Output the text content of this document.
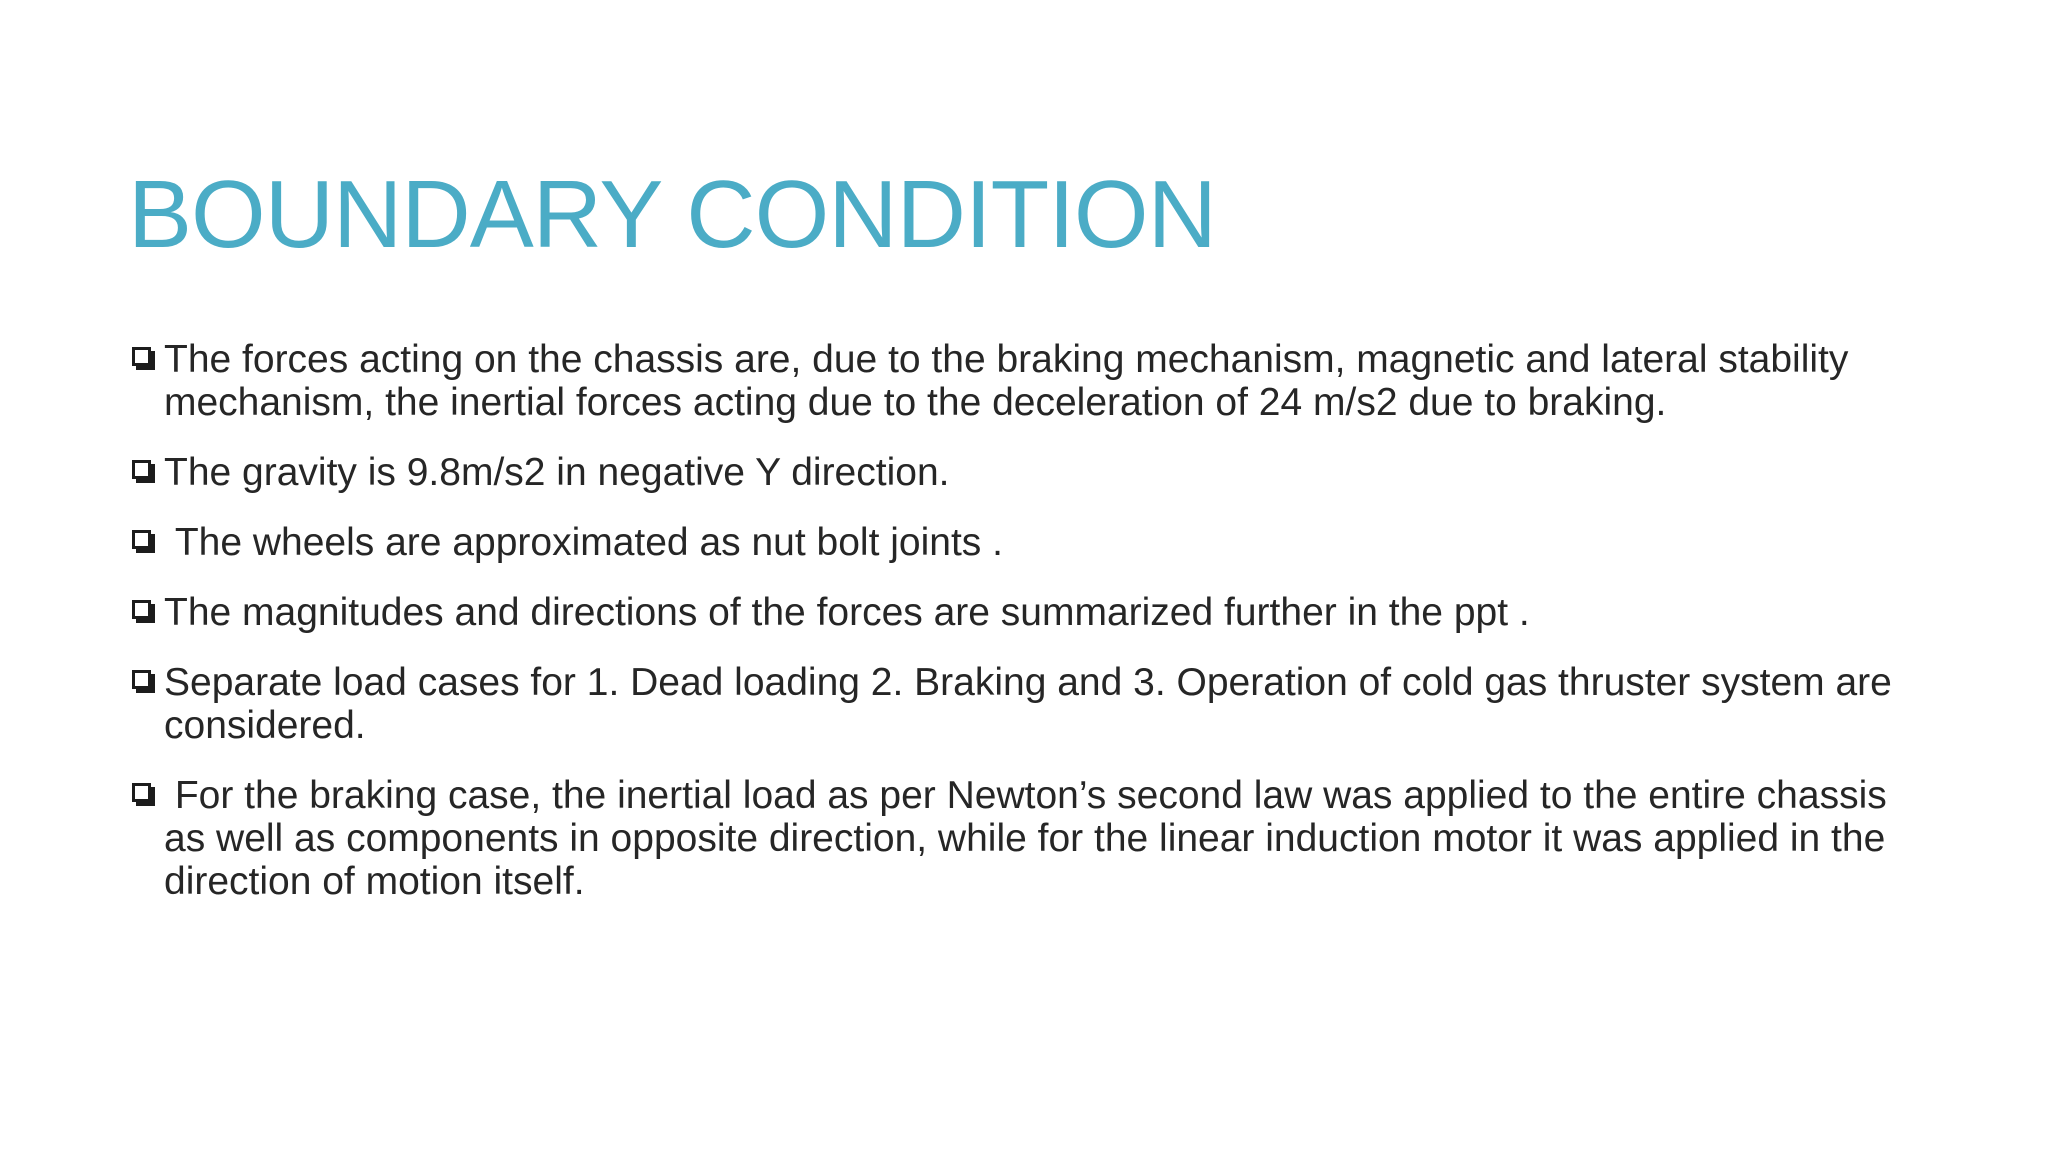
BOUNDARY CONDITION
The forces acting on the chassis are, due to the braking mechanism, magnetic and lateral stability mechanism, the inertial forces acting due to the deceleration of 24 m/s2 due to braking.
The gravity is 9.8m/s2 in negative Y direction.
The wheels are approximated as nut bolt joints .
The magnitudes and directions of the forces are summarized further in the ppt .
Separate load cases for 1. Dead loading 2. Braking and 3. Operation of cold gas thruster system are considered.
For the braking case, the inertial load as per Newton’s second law was applied to the entire chassis as well as components in opposite direction, while for the linear induction motor it was applied in the direction of motion itself.
